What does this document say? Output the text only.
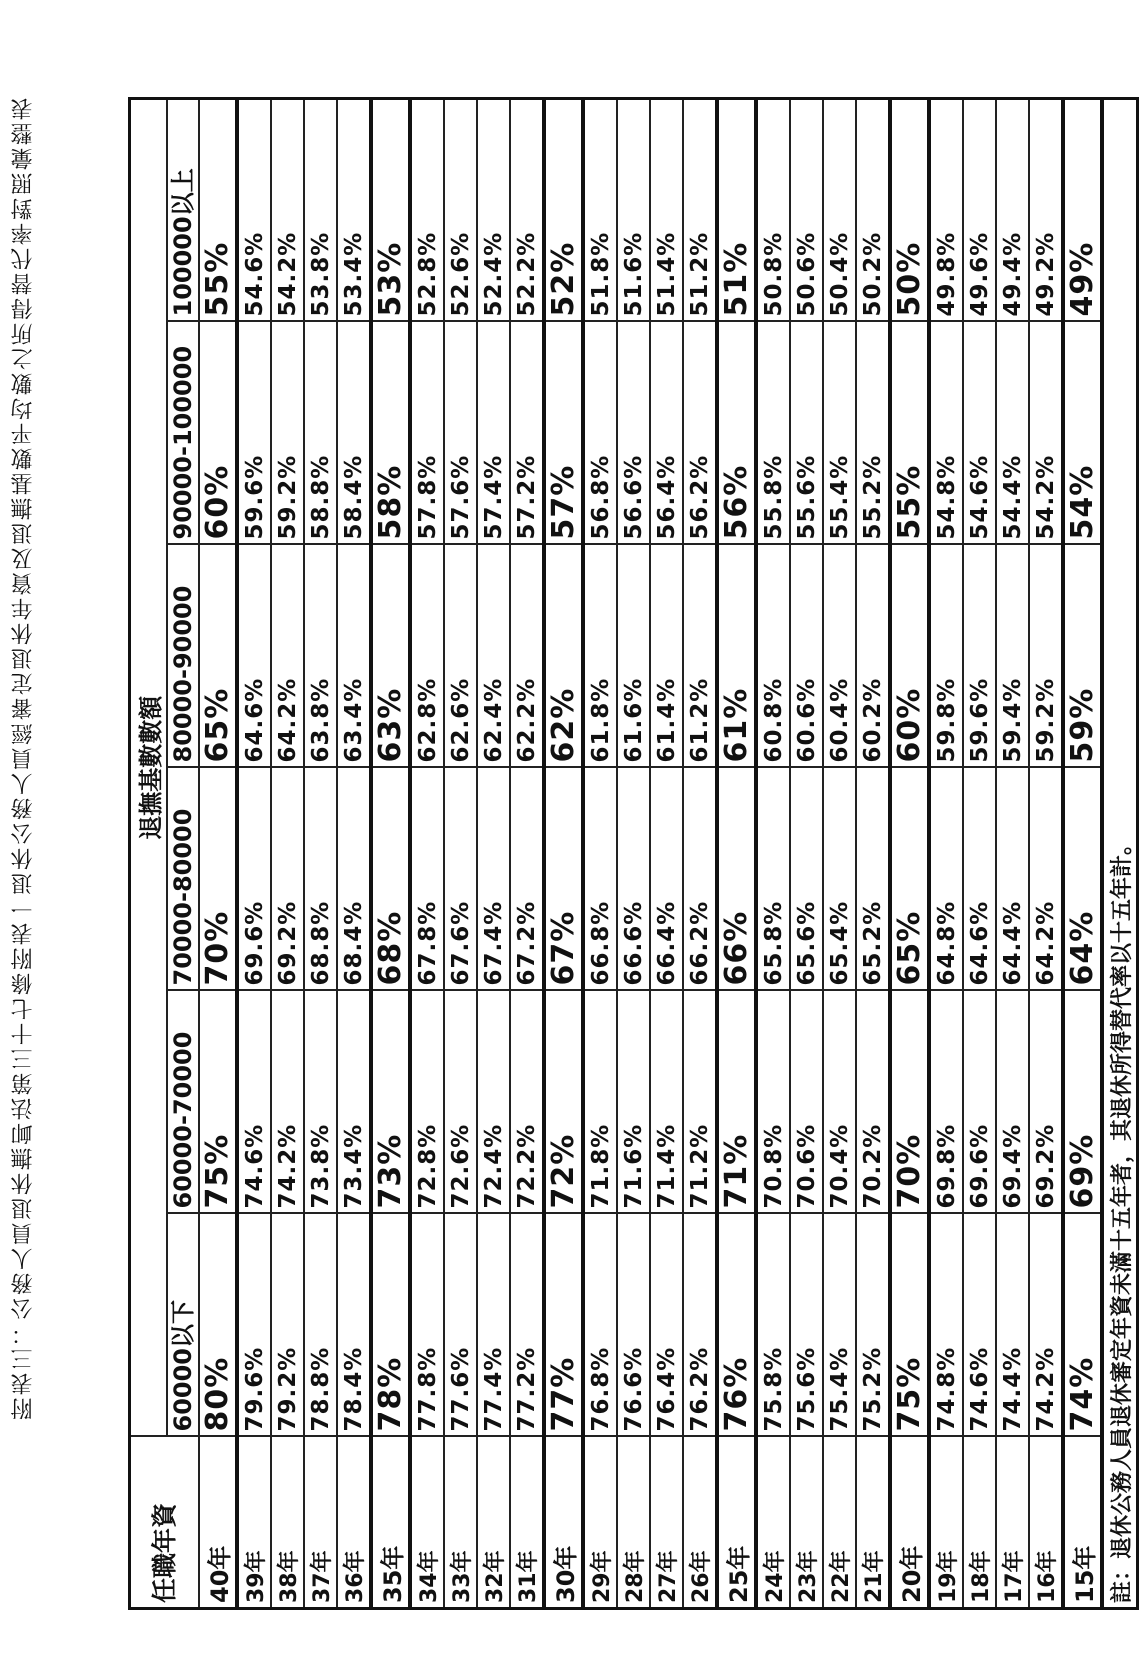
附表三：公務人員退休撫卹法第三十七條附表一退休公務人員經審定退休年資及退撫基數平均數之所得替代率對照彙整表
任職年資	退撫基數數額					
	60000以下	60000-70000	70000-80000	80000-90000	90000-100000	100000以上
40年	80%	75%	70%	65%	60%	55%
39年	79.6%	74.6%	69.6%	64.6%	59.6%	54.6%
38年	79.2%	74.2%	69.2%	64.2%	59.2%	54.2%
37年	78.8%	73.8%	68.8%	63.8%	58.8%	53.8%
36年	78.4%	73.4%	68.4%	63.4%	58.4%	53.4%
35年	78%	73%	68%	63%	58%	53%
34年	77.8%	72.8%	67.8%	62.8%	57.8%	52.8%
33年	77.6%	72.6%	67.6%	62.6%	57.6%	52.6%
32年	77.4%	72.4%	67.4%	62.4%	57.4%	52.4%
31年	77.2%	72.2%	67.2%	62.2%	57.2%	52.2%
30年	77%	72%	67%	62%	57%	52%
29年	76.8%	71.8%	66.8%	61.8%	56.8%	51.8%
28年	76.6%	71.6%	66.6%	61.6%	56.6%	51.6%
27年	76.4%	71.4%	66.4%	61.4%	56.4%	51.4%
26年	76.2%	71.2%	66.2%	61.2%	56.2%	51.2%
25年	76%	71%	66%	61%	56%	51%
24年	75.8%	70.8%	65.8%	60.8%	55.8%	50.8%
23年	75.6%	70.6%	65.6%	60.6%	55.6%	50.6%
22年	75.4%	70.4%	65.4%	60.4%	55.4%	50.4%
21年	75.2%	70.2%	65.2%	60.2%	55.2%	50.2%
20年	75%	70%	65%	60%	55%	50%
19年	74.8%	69.8%	64.8%	59.8%	54.8%	49.8%
18年	74.6%	69.6%	64.6%	59.6%	54.6%	49.6%
17年	74.4%	69.4%	64.4%	59.4%	54.4%	49.4%
16年	74.2%	69.2%	64.2%	59.2%	54.2%	49.2%
15年	74%	69%	64%	59%	54%	49%
註：退休公務人員退休審定年資未滿十五年者，其退休所得替代率以十五年計。						
